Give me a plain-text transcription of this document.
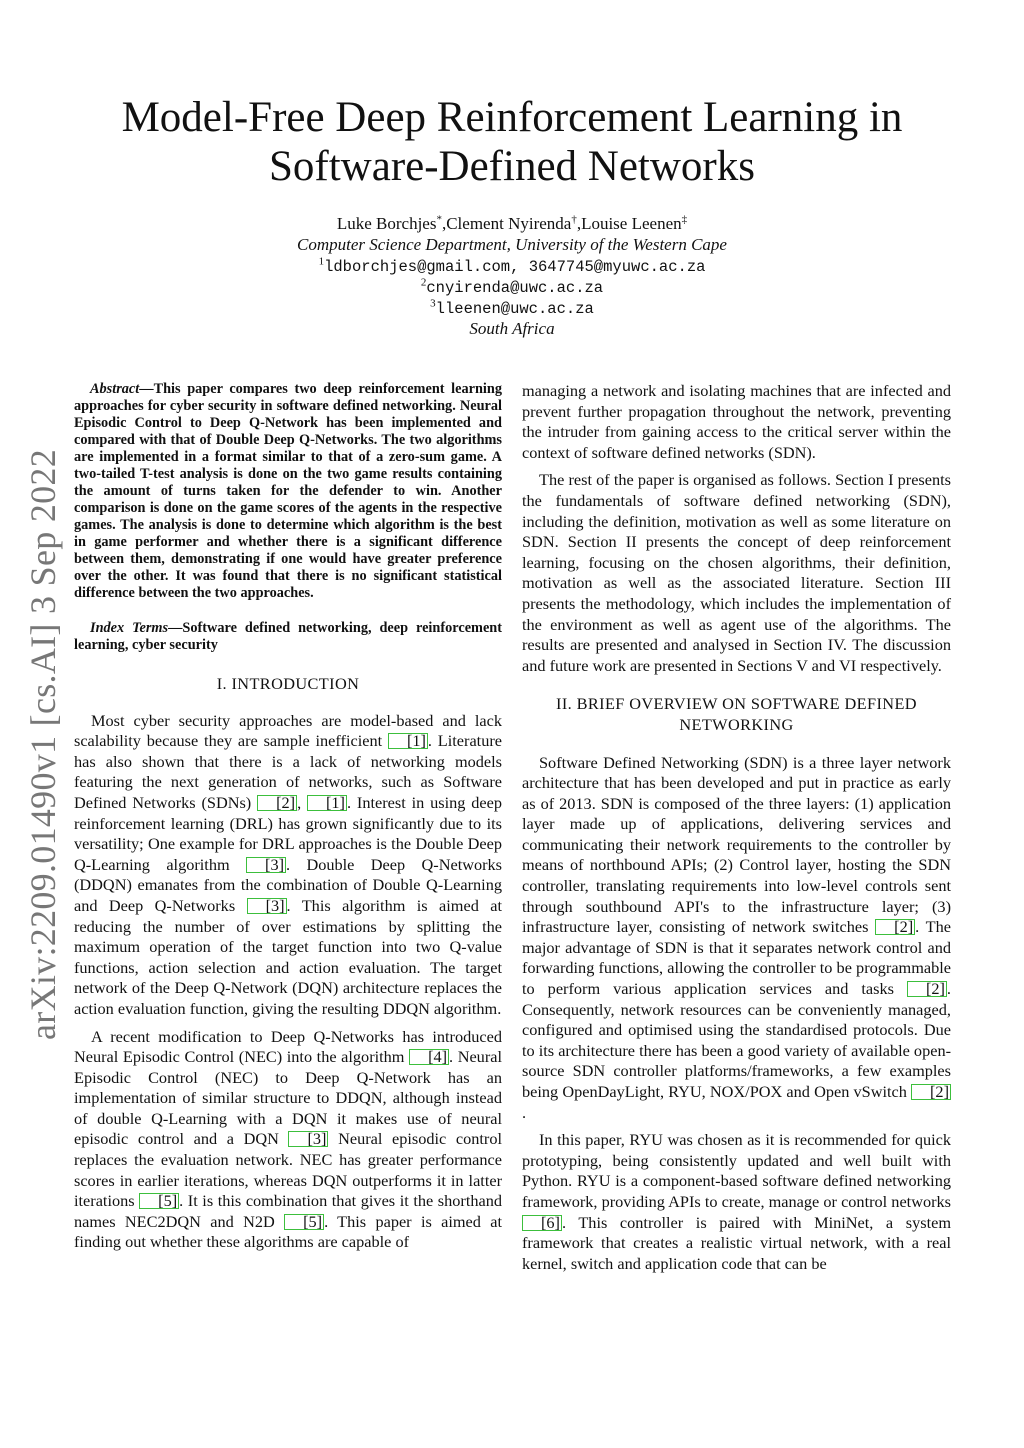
arXiv:2209.01490v1 [cs.AI] 3 Sep 2022
Model-Free Deep Reinforcement Learning in
Software-Defined Networks
Luke Borchjes*,Clement Nyirenda†,Louise Leenen‡
Computer Science Department, University of the Western Cape
$^1$ldborchjes@gmail.com, 3647745@myuwc.ac.za
$^2$cnyirenda@uwc.ac.za
$^3$lleenen@uwc.ac.za
South Africa

Abstract—This paper compares two deep reinforcement learning approaches for cyber security in software defined networking. Neural Episodic Control to Deep Q-Network has been implemented and compared with that of Double Deep Q-Networks. The two algorithms are implemented in a format similar to that of a zero-sum game. A two-tailed T-test analysis is done on the two game results containing the amount of turns taken for the defender to win. Another comparison is done on the game scores of the agents in the respective games. The analysis is done to determine which algorithm is the best in game performer and whether there is a significant difference between them, demonstrating if one would have greater preference over the other. It was found that there is no significant statistical difference between the two approaches.

Index Terms—Software defined networking, deep reinforcement learning, cyber security

I. INTRODUCTION

Most cyber security approaches are model-based and lack scalability because they are sample inefficient [1] . Literature has also shown that there is a lack of networking models featuring the next generation of networks, such as Software Defined Networks (SDNs) [2] , [1] . Interest in using deep reinforcement learning (DRL) has grown significantly due to its versatility; One example for DRL approaches is the Double Deep Q-Learning algorithm [3] . Double Deep Q-Networks (DDQN) emanates from the combination of Double Q-Learning and Deep Q-Networks [3] . This algorithm is aimed at reducing the number of over estimations by splitting the maximum operation of the target function into two Q-value functions, action selection and action evaluation. The target network of the Deep Q-Network (DQN) architecture replaces the action evaluation function, giving the resulting DDQN algorithm.

A recent modification to Deep Q-Networks has introduced Neural Episodic Control (NEC) into the algorithm [4] . Neural Episodic Control (NEC) to Deep Q-Network has an implementation of similar structure to DDQN, although instead of double Q-Learning with a DQN it makes use of neural episodic control and a DQN [3] Neural episodic control replaces the evaluation network. NEC has greater performance scores in earlier iterations, whereas DQN outperforms it in latter iterations [5] . It is this combination that gives it the shorthand names NEC2DQN and N2D [5] . This paper is aimed at finding out whether these algorithms are capable of

managing a network and isolating machines that are infected and prevent further propagation throughout the network, preventing the intruder from gaining access to the critical server within the context of software defined networks (SDN).

The rest of the paper is organised as follows. Section I presents the fundamentals of software defined networking (SDN), including the definition, motivation as well as some literature on SDN. Section II presents the concept of deep reinforcement learning, focusing on the chosen algorithms, their definition, motivation as well as the associated literature. Section III presents the methodology, which includes the implementation of the environment as well as agent use of the algorithms. The results are presented and analysed in Section IV. The discussion and future work are presented in Sections V and VI respectively.

II. BRIEF OVERVIEW ON SOFTWARE DEFINED
NETWORKING

Software Defined Networking (SDN) is a three layer network architecture that has been developed and put in practice as early as of 2013. SDN is composed of the three layers: (1) application layer made up of applications, delivering services and communicating their network requirements to the controller by means of northbound APIs; (2) Control layer, hosting the SDN controller, translating requirements into low-level controls sent through southbound API's to the infrastructure layer; (3) infrastructure layer, consisting of network switches [2] . The major advantage of SDN is that it separates network control and forwarding functions, allowing the controller to be programmable to perform various application services and tasks [2] . Consequently, network resources can be conveniently managed, configured and optimised using the standardised protocols. Due to its architecture there has been a good variety of available open-source SDN controller platforms/frameworks, a few examples being OpenDayLight, RYU, NOX/POX and Open vSwitch [2].

In this paper, RYU was chosen as it is recommended for quick prototyping, being consistently updated and well built with Python. RYU is a component-based software defined networking framework, providing APIs to create, manage or control networks [6] . This controller is paired with MiniNet, a system framework that creates a realistic virtual network, with a real kernel, switch and application code that can be
